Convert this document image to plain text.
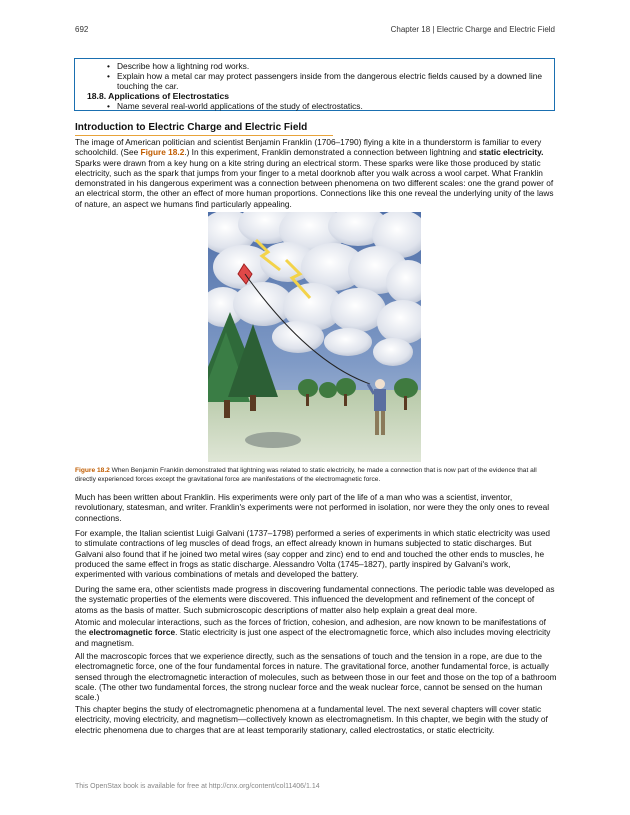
692	Chapter 18 | Electric Charge and Electric Field
• Describe how a lightning rod works.
• Explain how a metal car may protect passengers inside from the dangerous electric fields caused by a downed line touching the car.
18.8. Applications of Electrostatics
• Name several real-world applications of the study of electrostatics.
Introduction to Electric Charge and Electric Field

The image of American politician and scientist Benjamin Franklin (1706–1790) flying a kite in a thunderstorm is familiar to every schoolchild. (See Figure 18.2.) In this experiment, Franklin demonstrated a connection between lightning and static electricity. Sparks were drawn from a key hung on a kite string during an electrical storm. These sparks were like those produced by static electricity, such as the spark that jumps from your finger to a metal doorknob after you walk across a wool carpet. What Franklin demonstrated in his dangerous experiment was a connection between phenomena on two different scales: one the grand power of an electrical storm, the other an effect of more human proportions. Connections like this one reveal the underlying unity of the laws of nature, an aspect we humans find particularly appealing.

Figure 18.2 When Benjamin Franklin demonstrated that lightning was related to static electricity, he made a connection that is now part of the evidence that all directly experienced forces except the gravitational force are manifestations of the electromagnetic force.

Much has been written about Franklin. His experiments were only part of the life of a man who was a scientist, inventor, revolutionary, statesman, and writer. Franklin's experiments were not performed in isolation, nor were they the only ones to reveal connections.

For example, the Italian scientist Luigi Galvani (1737–1798) performed a series of experiments in which static electricity was used to stimulate contractions of leg muscles of dead frogs, an effect already known in humans subjected to static discharges. But Galvani also found that if he joined two metal wires (say copper and zinc) end to end and touched the other ends to muscles, he produced the same effect in frogs as static discharge. Alessandro Volta (1745–1827), partly inspired by Galvani's work, experimented with various combinations of metals and developed the battery.

During the same era, other scientists made progress in discovering fundamental connections. The periodic table was developed as the systematic properties of the elements were discovered. This influenced the development and refinement of the concept of atoms as the basis of matter. Such submicroscopic descriptions of matter also help explain a great deal more.

Atomic and molecular interactions, such as the forces of friction, cohesion, and adhesion, are now known to be manifestations of the electromagnetic force. Static electricity is just one aspect of the electromagnetic force, which also includes moving electricity and magnetism.

All the macroscopic forces that we experience directly, such as the sensations of touch and the tension in a rope, are due to the electromagnetic force, one of the four fundamental forces in nature. The gravitational force, another fundamental force, is actually sensed through the electromagnetic interaction of molecules, such as between those in our feet and those on the top of a bathroom scale. (The other two fundamental forces, the strong nuclear force and the weak nuclear force, cannot be sensed on the human scale.)

This chapter begins the study of electromagnetic phenomena at a fundamental level. The next several chapters will cover static electricity, moving electricity, and magnetism—collectively known as electromagnetism. In this chapter, we begin with the study of electric phenomena due to charges that are at least temporarily stationary, called electrostatics, or static electricity.

This OpenStax book is available for free at http://cnx.org/content/col11406/1.14
